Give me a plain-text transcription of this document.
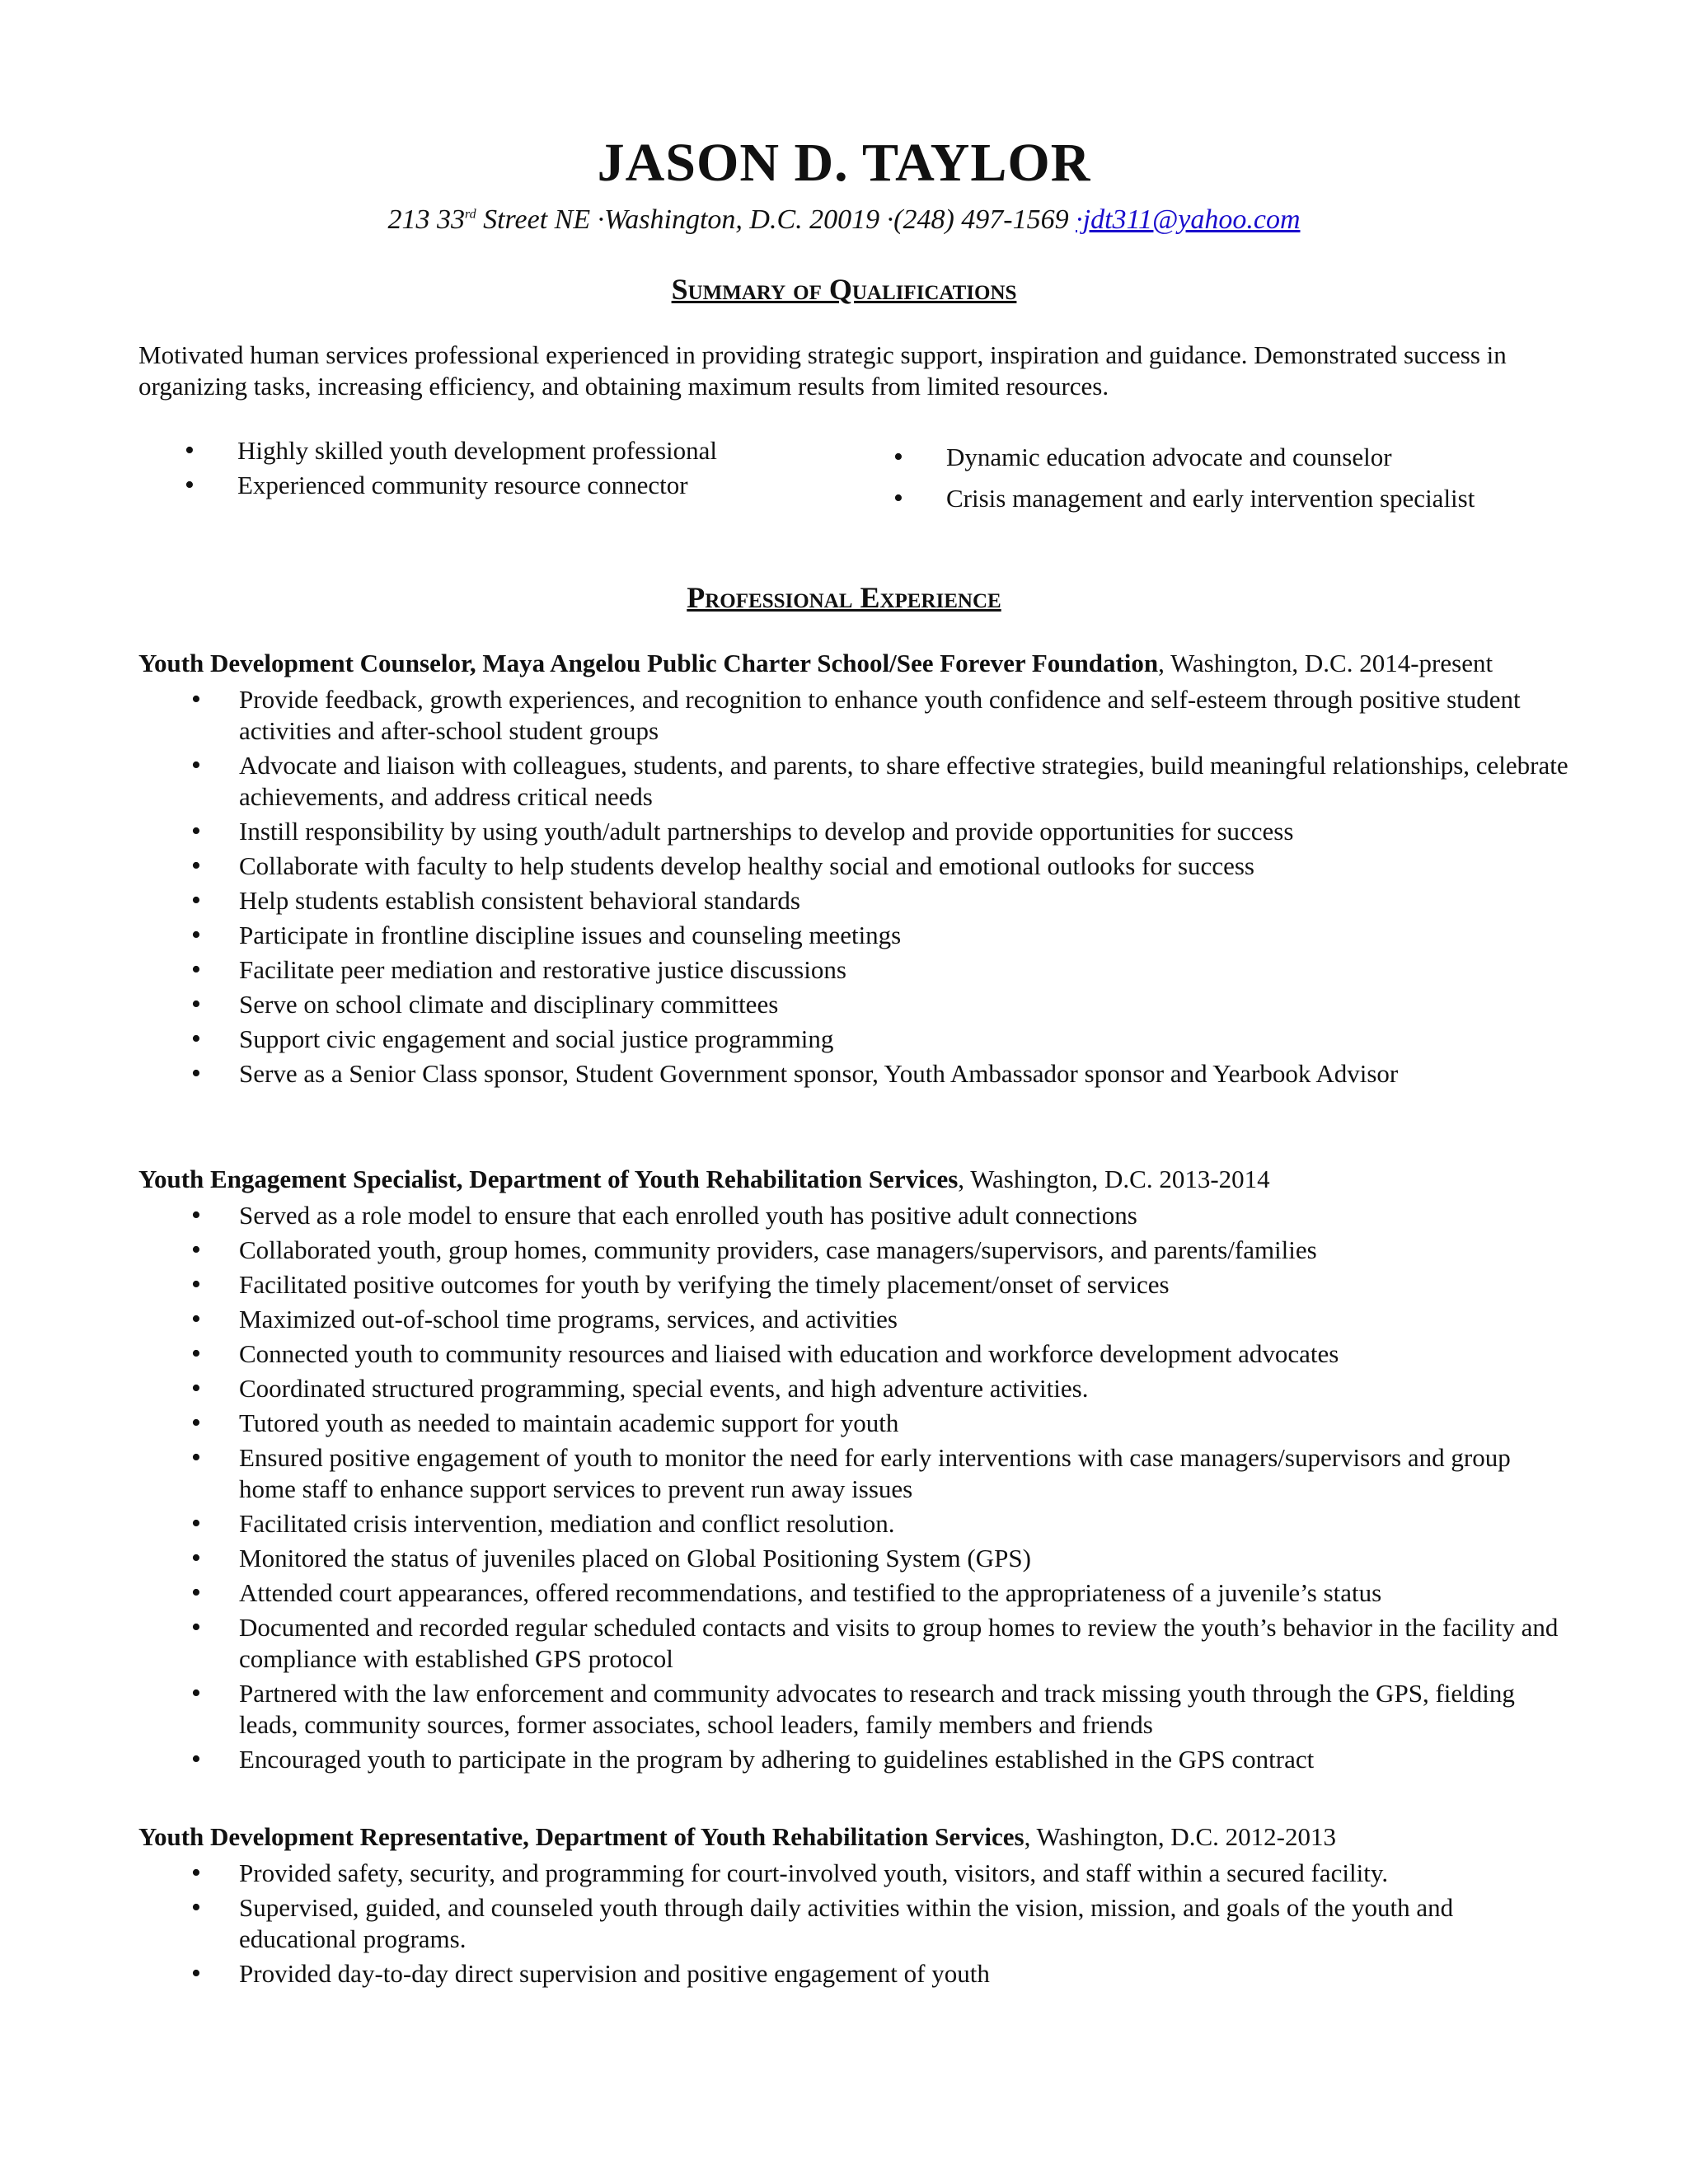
JASON D. TAYLOR
213 33rd Street NE ·Washington, D.C. 20019 ·(248) 497-1569 ·jdt311@yahoo.com
Summary of Qualifications
Motivated human services professional experienced in providing strategic support, inspiration and guidance. Demonstrated success in organizing tasks, increasing efficiency, and obtaining maximum results from limited resources.
• Highly skilled youth development professional
• Experienced community resource connector
• Dynamic education advocate and counselor
• Crisis management and early intervention specialist
Professional Experience
Youth Development Counselor, Maya Angelou Public Charter School/See Forever Foundation, Washington, D.C. 2014-present
• Provide feedback, growth experiences, and recognition to enhance youth confidence and self-esteem through positive student activities and after-school student groups
• Advocate and liaison with colleagues, students, and parents, to share effective strategies, build meaningful relationships, celebrate achievements, and address critical needs
• Instill responsibility by using youth/adult partnerships to develop and provide opportunities for success
• Collaborate with faculty to help students develop healthy social and emotional outlooks for success
• Help students establish consistent behavioral standards
• Participate in frontline discipline issues and counseling meetings
• Facilitate peer mediation and restorative justice discussions
• Serve on school climate and disciplinary committees
• Support civic engagement and social justice programming
• Serve as a Senior Class sponsor, Student Government sponsor, Youth Ambassador sponsor and Yearbook Advisor
Youth Engagement Specialist, Department of Youth Rehabilitation Services, Washington, D.C. 2013-2014
• Served as a role model to ensure that each enrolled youth has positive adult connections
• Collaborated youth, group homes, community providers, case managers/supervisors, and parents/families
• Facilitated positive outcomes for youth by verifying the timely placement/onset of services
• Maximized out-of-school time programs, services, and activities
• Connected youth to community resources and liaised with education and workforce development advocates
• Coordinated structured programming, special events, and high adventure activities.
• Tutored youth as needed to maintain academic support for youth
• Ensured positive engagement of youth to monitor the need for early interventions with case managers/supervisors and group home staff to enhance support services to prevent run away issues
• Facilitated crisis intervention, mediation and conflict resolution.
• Monitored the status of juveniles placed on Global Positioning System (GPS)
• Attended court appearances, offered recommendations, and testified to the appropriateness of a juvenile’s status
• Documented and recorded regular scheduled contacts and visits to group homes to review the youth’s behavior in the facility and compliance with established GPS protocol
• Partnered with the law enforcement and community advocates to research and track missing youth through the GPS, fielding leads, community sources, former associates, school leaders, family members and friends
• Encouraged youth to participate in the program by adhering to guidelines established in the GPS contract
Youth Development Representative, Department of Youth Rehabilitation Services, Washington, D.C. 2012-2013
• Provided safety, security, and programming for court-involved youth, visitors, and staff within a secured facility.
• Supervised, guided, and counseled youth through daily activities within the vision, mission, and goals of the youth and educational programs.
• Provided day-to-day direct supervision and positive engagement of youth
